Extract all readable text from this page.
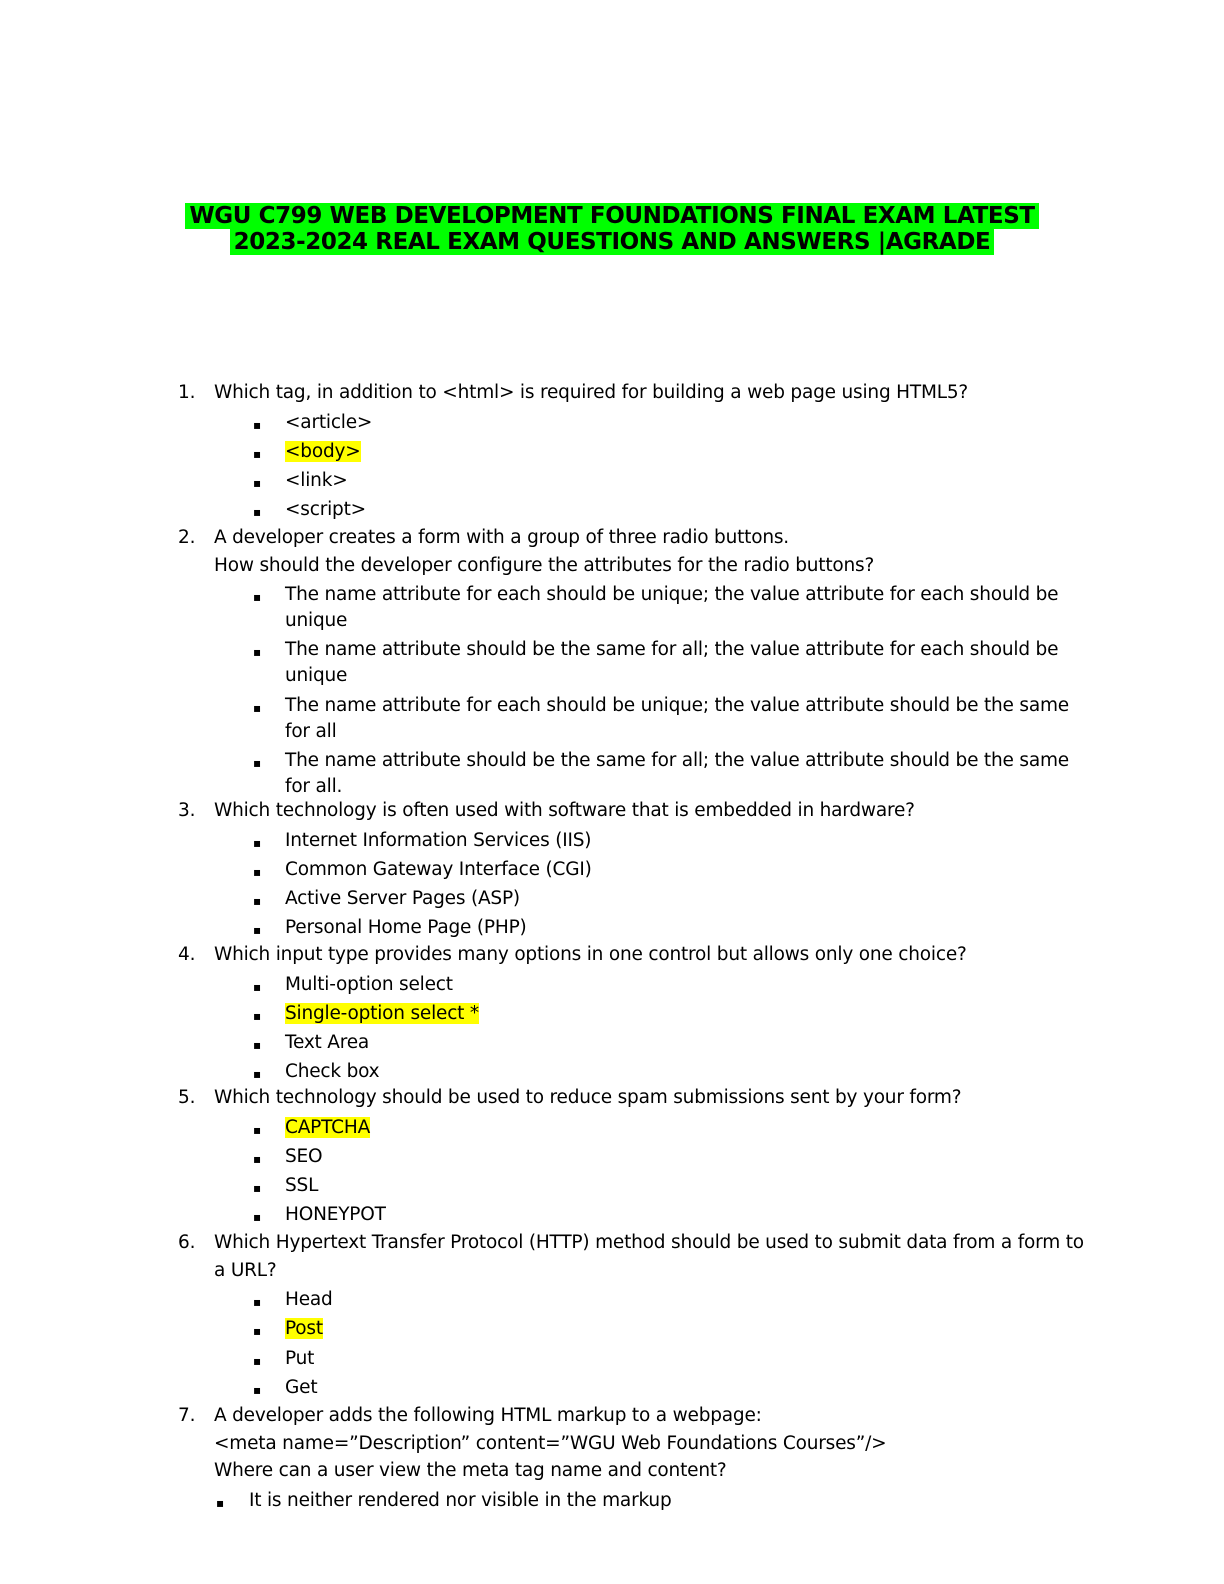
WGU C799 WEB DEVELOPMENT FOUNDATIONS FINAL EXAM LATEST
2023-2024 REAL EXAM QUESTIONS AND ANSWERS |AGRADE
1. Which tag, in addition to <html> is required for building a web page using HTML5?
▪ <article>
▪ <body>
▪ <link>
▪ <script>
2. A developer creates a form with a group of three radio buttons.
How should the developer configure the attributes for the radio buttons?
▪ The name attribute for each should be unique; the value attribute for each should be
unique
▪ The name attribute should be the same for all; the value attribute for each should be
unique
▪ The name attribute for each should be unique; the value attribute should be the same
for all
▪ The name attribute should be the same for all; the value attribute should be the same
for all.
3. Which technology is often used with software that is embedded in hardware?
▪ Internet Information Services (IIS)
▪ Common Gateway Interface (CGI)
▪ Active Server Pages (ASP)
▪ Personal Home Page (PHP)
4. Which input type provides many options in one control but allows only one choice?
▪ Multi-option select
▪ Single-option select *
▪ Text Area
▪ Check box
5. Which technology should be used to reduce spam submissions sent by your form?
▪ CAPTCHA
▪ SEO
▪ SSL
▪ HONEYPOT
6. Which Hypertext Transfer Protocol (HTTP) method should be used to submit data from a form to
a URL?
▪ Head
▪ Post
▪ Put
▪ Get
7. A developer adds the following HTML markup to a webpage:
<meta name=”Description” content=”WGU Web Foundations Courses”/>
Where can a user view the meta tag name and content?
▪ It is neither rendered nor visible in the markup
